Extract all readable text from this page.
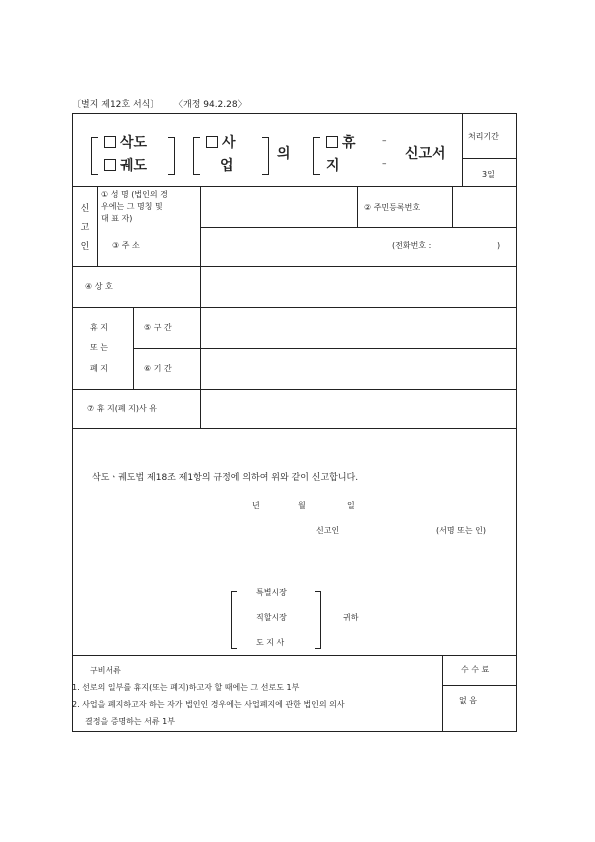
〔별지 제12호 서식〕 〈개정 94.2.28〉
삭도
궤도
사
업
의
휴
지
–
–
신고서
처리기간
3일
신
고
인
① 성 명 (법인의 경
우에는 그 명칭 및
대 표 자)
② 주민등록번호
③ 주 소	(전화번호 :	)
④ 상 호
휴 지
또 는
폐 지
⑤ 구 간
⑥ 기 간
⑦ 휴 지(폐 지)사 유
삭도ㆍ궤도법 제18조 제1항의 규정에 의하여 위와 같이 신고합니다.
년	월	일
신고인	(서명 또는 인)
특별시장
직할시장
도 지 사
귀하
구비서류
1. 선로의 일부를 휴지(또는 폐지)하고자 할 때에는 그 선로도 1부
2. 사업을 폐지하고자 하는 자가 법인인 경우에는 사업폐지에 관한 법인의 의사
결정을 증명하는 서류 1부
수 수 료
없 음
